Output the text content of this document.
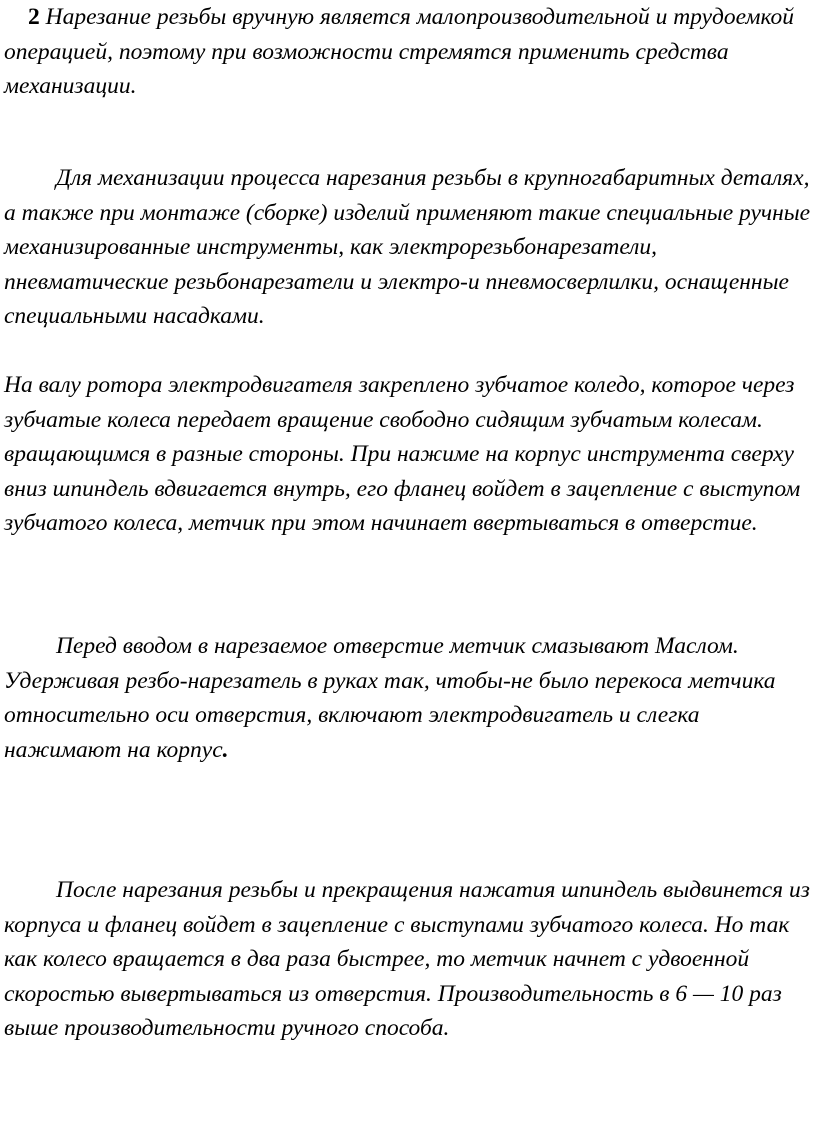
2 Нарезание резьбы вручную является малопроизводительной и трудоемкой операцией, поэтому при возможности стремятся применить средства механизации.

Для механизации процесса нарезания резьбы в крупногабаритных деталях, а также при монтаже (сборке) изделий применяют такие специальные ручные механизированные инструменты, как электрорезьбонарезатели, пневматические резьбонарезатели и электро-и пневмосверлилки, оснащенные специальными насадками.

На валу ротора электродвигателя закреплено зубчатое коледо, которое через зубчатые колеса передает вращение свободно сидящим зубчатым колесам. вращающимся в разные стороны. При нажиме на корпус инструмента сверху вниз шпиндель вдвигается внутрь, его фланец войдет в зацепление с выступом зубчатого колеса, метчик при этом начинает ввертываться в отверстие.

Перед вводом в нарезаемое отверстие метчик смазывают Маслом. Удерживая резбо-нарезатель в руках так, чтобы-не было перекоса метчика относительно оси отверстия, включают электродвигатель и слегка нажимают на корпус.

После нарезания резьбы и прекращения нажатия шпиндель выдвинется из корпуса и фланец войдет в зацепление с выступами зубчатого колеса. Но так как колесо вращается в два раза быстрее, то метчик начнет с удвоенной скоростью вывертываться из отверстия. Производительность в 6 — 10 раз выше производительности ручного способа.
